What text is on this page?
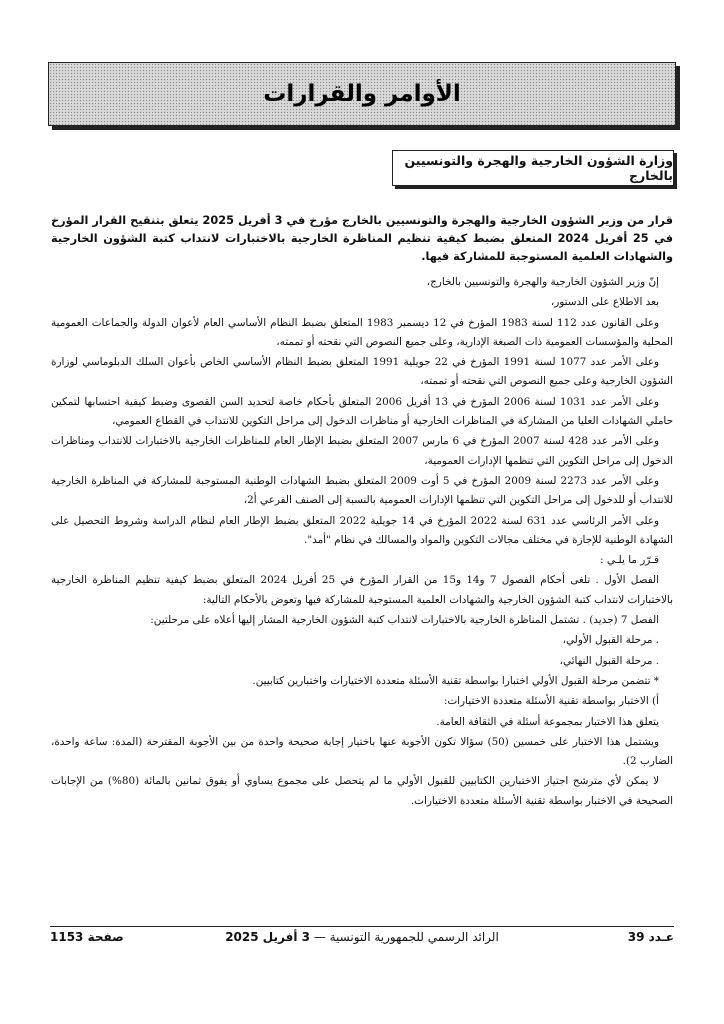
الأوامر والقرارات
وزارة الشؤون الخارجية والهجرة والتونسيين بالخارج

قرار من وزير الشؤون الخارجية والهجرة والتونسيين بالخارج مؤرخ في 3 أفريل 2025 يتعلق بتنقيح القرار المؤرخ في 25 أفريل 2024 المتعلق بضبط كيفية تنظيم المناظرة الخارجية بالاختبارات لانتداب كتبة الشؤون الخارجية والشهادات العلمية المستوجبة للمشاركة فيها.

إنّ وزير الشؤون الخارجية والهجرة والتونسيين بالخارج،

بعد الاطلاع على الدستور،

وعلى القانون عدد 112 لسنة 1983 المؤرخ في 12 ديسمبر 1983 المتعلق بضبط النظام الأساسي العام لأعوان الدولة والجماعات العمومية المحلية والمؤسسات العمومية ذات الصبغة الإدارية، وعلى جميع النصوص التي نقحته أو تممته،

وعلى الأمر عدد 1077 لسنة 1991 المؤرخ في 22 جويلية 1991 المتعلق بضبط النظام الأساسي الخاص بأعوان السلك الدبلوماسي لوزارة الشؤون الخارجية وعلى جميع النصوص التي نقحته أو تممته،

وعلى الأمر عدد 1031 لسنة 2006 المؤرخ في 13 أفريل 2006 المتعلق بأحكام خاصة لتحديد السن القصوى وضبط كيفية احتسابها لتمكين حاملي الشهادات العليا من المشاركة في المناظرات الخارجية أو مناظرات الدخول إلى مراحل التكوين للانتداب في القطاع العمومي،

وعلى الأمر عدد 428 لسنة 2007 المؤرخ في 6 مارس 2007 المتعلق بضبط الإطار العام للمناظرات الخارجية بالاختبارات للانتداب ومناظرات الدخول إلى مراحل التكوين التي تنظمها الإدارات العمومية،

وعلى الأمر عدد 2273 لسنة 2009 المؤرخ في 5 أوت 2009 المتعلق بضبط الشهادات الوطنية المستوجبة للمشاركة في المناظرة الخارجية للانتداب أو للدخول إلى مراحل التكوين التي تنظمها الإدارات العمومية بالنسبة إلى الصنف الفرعي أ2،

وعلى الأمر الرئاسي عدد 631 لسنة 2022 المؤرخ في 14 جويلية 2022 المتعلق بضبط الإطار العام لنظام الدراسة وشروط التحصيل على الشهادة الوطنية للإجازة في مختلف مجالات التكوين والمواد والمسالك في نظام "أمد".

قـرّر ما يلـي :

الفصل الأول . تلغى أحكام الفصول 7 و14 و15 من القرار المؤرخ في 25 أفريل 2024 المتعلق بضبط كيفية تنظيم المناظرة الخارجية بالاختبارات لانتداب كتبة الشؤون الخارجية والشهادات العلمية المستوجبة للمشاركة فيها وتعوض بالأحكام التالية:

الفصل 7 (جديد) . تشتمل المناظرة الخارجية بالاختبارات لانتداب كتبة الشؤون الخارجية المشار إليها أعلاه على مرحلتين:

. مرحلة القبول الأولي،

. مرحلة القبول النهائي،

* تتضمن مرحلة القبول الأولي اختبارا بواسطة تقنية الأسئلة متعددة الاختيارات واختبارين كتابيين.

أ) الاختبار بواسطة تقنية الأسئلة متعددة الاختيارات:

يتعلق هذا الاختبار بمجموعة أسئلة في الثقافة العامة.

ويشتمل هذا الاختبار على خمسين (50) سؤالا تكون الأجوبة عنها باختيار إجابة صحيحة واحدة من بين الأجوبة المقترحة (المدة: ساعة واحدة، الضارب 2).

لا يمكن لأي مترشح اجتياز الاختبارين الكتابيين للقبول الأولي ما لم يتحصل على مجموع يساوي أو يفوق ثمانين بالمائة (80%) من الإجابات الصحيحة في الاختبار بواسطة تقنية الأسئلة متعددة الاختيارات.

عـدد 39
الرائد الرسمي للجمهورية التونسية — 3 أفريل 2025
صفحة 1153
